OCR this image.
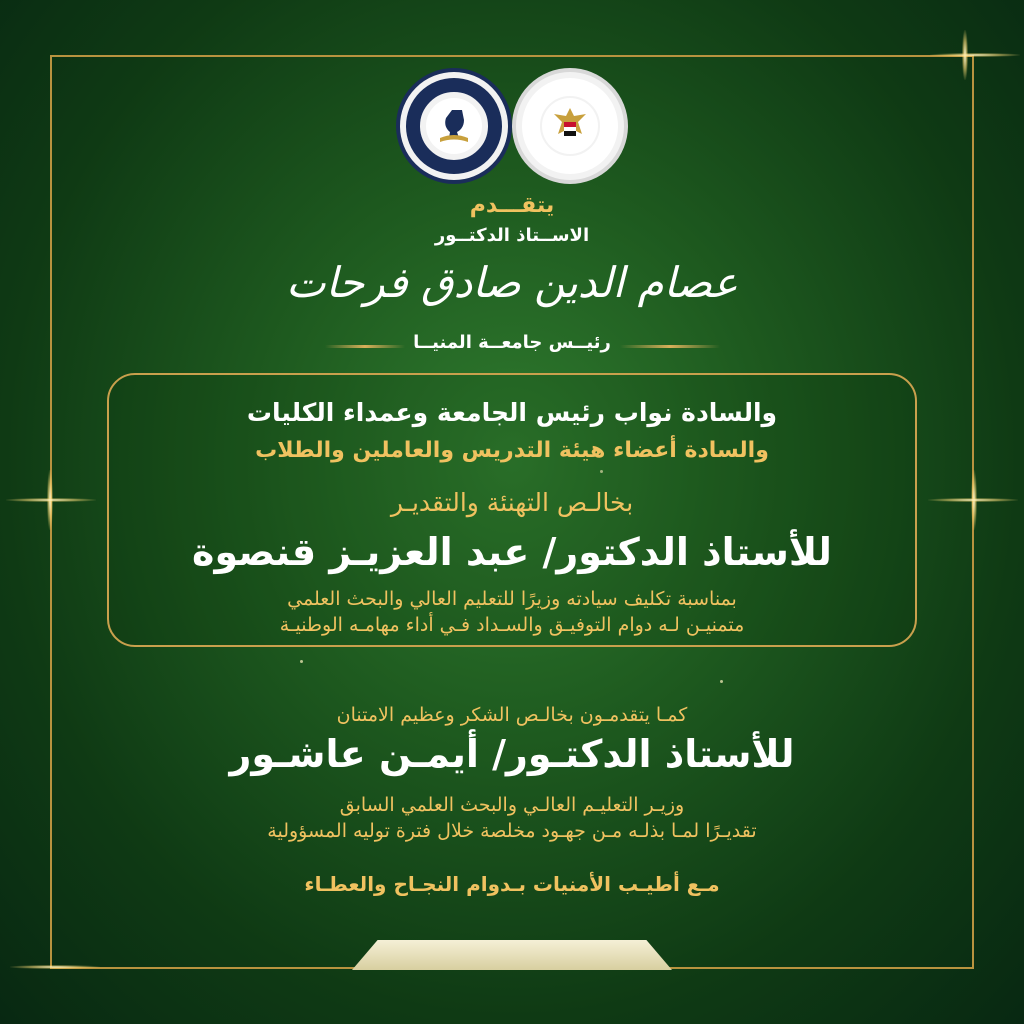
يتقـــدم
الاســتاذ الدكتــور
عصام الدين صادق فرحات
رئيــس جامعــة المنيــا
والسادة نواب رئيس الجامعة وعمداء الكليات
والسادة أعضاء هيئة التدريس والعاملين والطلاب
بخالـص التهنئة والتقديـر
للأستاذ الدكتور/ عبد العزيـز قنصوة
بمناسبة تكليف سيادته وزيرًا للتعليم العالي والبحث العلمي
متمنيـن لـه دوام التوفيـق والسـداد فـي أداء مهامـه الوطنيـة
كمـا يتقدمـون بخالـص الشكر وعظيم الامتنان
للأستاذ الدكتـور/ أيمـن عاشـور
وزيـر التعليـم العالـي والبحث العلمي السابق
تقديـرًا لمـا بذلـه مـن جهـود مخلصة خلال فترة توليه المسؤولية
مـع أطيـب الأمنيات بـدوام النجـاح والعطـاء
